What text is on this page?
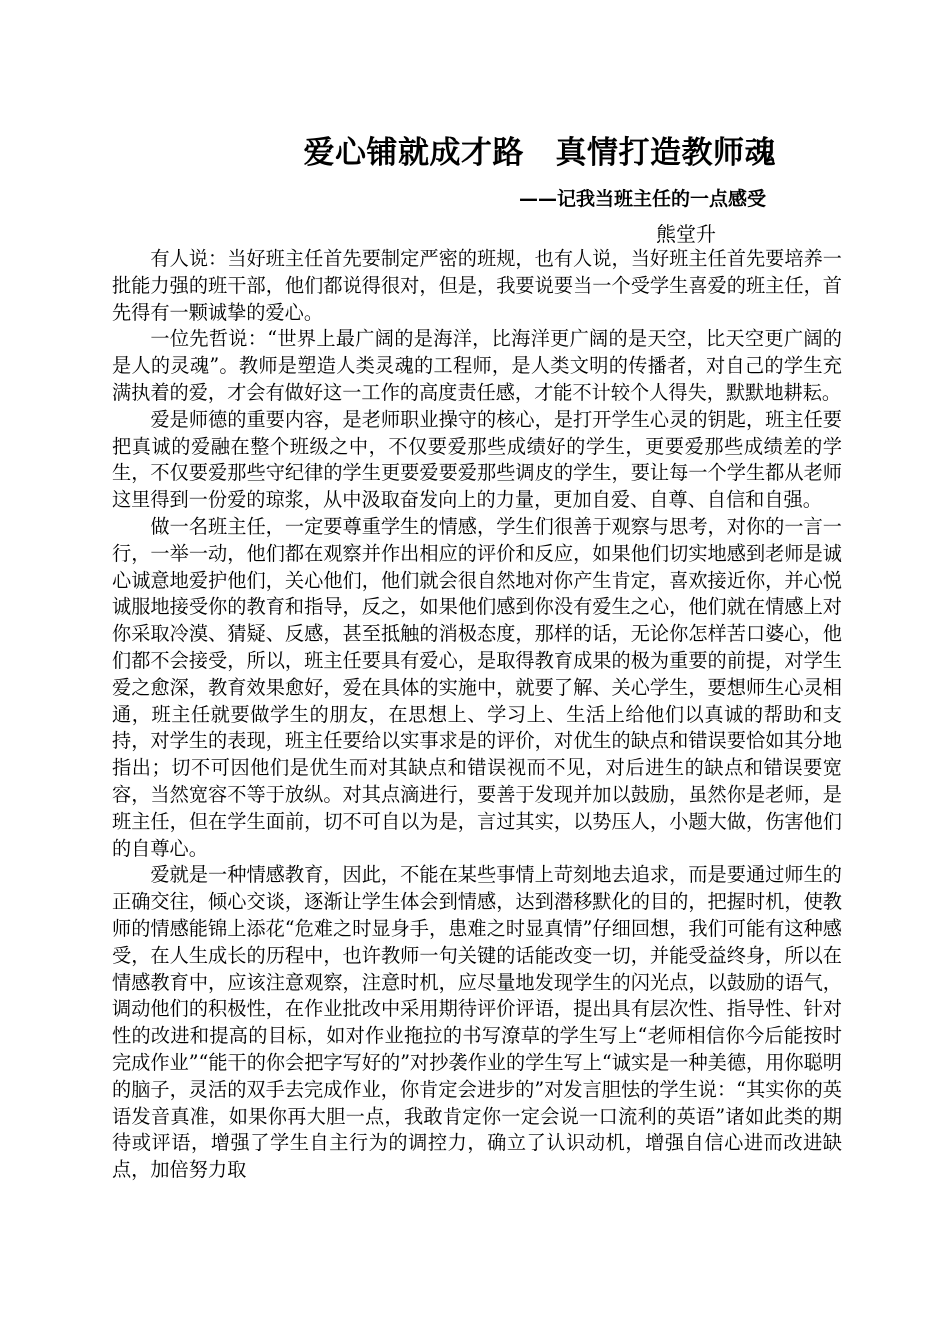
爱心铺就成才路　真情打造教师魂
——记我当班主任的一点感受
熊堂升

有人说：当好班主任首先要制定严密的班规，也有人说，当好班主任首先要培养一批能力强的班干部，他们都说得很对，但是，我要说要当一个受学生喜爱的班主任，首先得有一颗诚挚的爱心。

一位先哲说：“世界上最广阔的是海洋，比海洋更广阔的是天空，比天空更广阔的是人的灵魂”。教师是塑造人类灵魂的工程师，是人类文明的传播者，对自己的学生充满执着的爱，才会有做好这一工作的高度责任感，才能不计较个人得失，默默地耕耘。

爱是师德的重要内容，是老师职业操守的核心，是打开学生心灵的钥匙，班主任要把真诚的爱融在整个班级之中，不仅要爱那些成绩好的学生，更要爱那些成绩差的学生，不仅要爱那些守纪律的学生更要爱要爱那些调皮的学生，要让每一个学生都从老师这里得到一份爱的琼浆，从中汲取奋发向上的力量，更加自爱、自尊、自信和自强。

做一名班主任，一定要尊重学生的情感，学生们很善于观察与思考，对你的一言一行，一举一动，他们都在观察并作出相应的评价和反应，如果他们切实地感到老师是诚心诚意地爱护他们，关心他们，他们就会很自然地对你产生肯定，喜欢接近你，并心悦诚服地接受你的教育和指导，反之，如果他们感到你没有爱生之心，他们就在情感上对你采取冷漠、猜疑、反感，甚至抵触的消极态度，那样的话，无论你怎样苦口婆心，他们都不会接受，所以，班主任要具有爱心，是取得教育成果的极为重要的前提，对学生爱之愈深，教育效果愈好，爱在具体的实施中，就要了解、关心学生，要想师生心灵相通，班主任就要做学生的朋友，在思想上、学习上、生活上给他们以真诚的帮助和支持，对学生的表现，班主任要给以实事求是的评价，对优生的缺点和错误要恰如其分地指出；切不可因他们是优生而对其缺点和错误视而不见，对后进生的缺点和错误要宽容，当然宽容不等于放纵。对其点滴进行，要善于发现并加以鼓励，虽然你是老师，是班主任，但在学生面前，切不可自以为是，言过其实，以势压人，小题大做，伤害他们的自尊心。

爱就是一种情感教育，因此，不能在某些事情上苛刻地去追求，而是要通过师生的正确交往，倾心交谈，逐渐让学生体会到情感，达到潜移默化的目的，把握时机，使教师的情感能锦上添花“危难之时显身手，患难之时显真情”仔细回想，我们可能有这种感受，在人生成长的历程中，也许教师一句关键的话能改变一切，并能受益终身，所以在情感教育中，应该注意观察，注意时机，应尽量地发现学生的闪光点，以鼓励的语气，调动他们的积极性，在作业批改中采用期待评价评语，提出具有层次性、指导性、针对性的改进和提高的目标，如对作业拖拉的书写潦草的学生写上“老师相信你今后能按时完成作业”“能干的你会把字写好的”对抄袭作业的学生写上“诚实是一种美德，用你聪明的脑子，灵活的双手去完成作业，你肯定会进步的”对发言胆怯的学生说：“其实你的英语发音真准，如果你再大胆一点，我敢肯定你一定会说一口流利的英语”诸如此类的期待或评语，增强了学生自主行为的调控力，确立了认识动机，增强自信心进而改进缺点，加倍努力取
